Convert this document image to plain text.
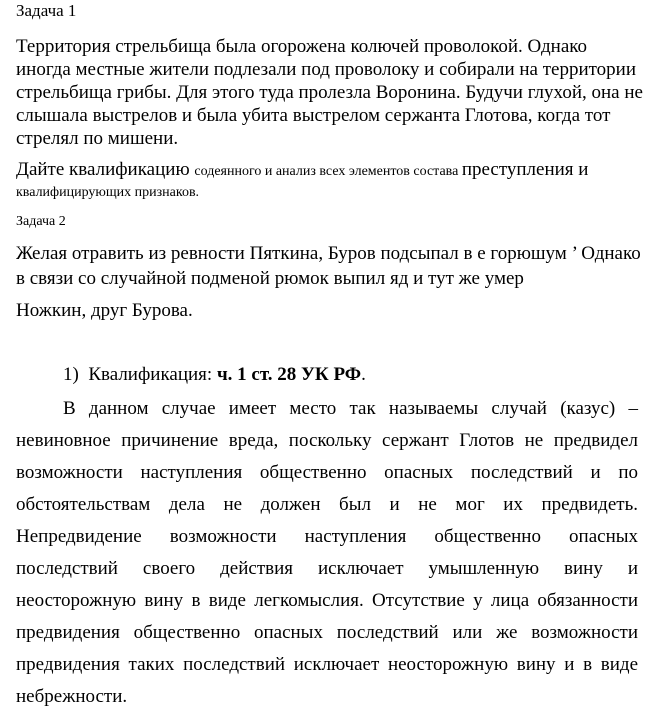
Задача 1
Территория стрельбища была огорожена колючей проволокой. Однако
иногда местные жители подлезали под проволоку и собирали на территории
стрельбища грибы. Для этого туда пролезла Воронина. Будучи глухой, она не
слышала выстрелов и была убита выстрелом сержанта Глотова, когда тот
стрелял по мишени.
Дайте квалификацию содеянного и анализ всех элементов состава преступления и
квалифицирующих признаков.
Задача 2
Желая отравить из ревности Пяткина, Буров подсыпал в е горюшум ’ Однако
в связи со случайной подменой рюмок выпил яд и тут же умер
Ножкин, друг Бурова.
1) Квалификация: ч. 1 ст. 28 УК РФ.
В данном случае имеет место так называемы случай (казус) – невиновное причинение вреда, поскольку сержант Глотов не предвидел возможности наступления общественно опасных последствий и по обстоятельствам дела не должен был и не мог их предвидеть. Непредвидение возможности наступления общественно опасных последствий своего действия исключает умышленную вину и неосторожную вину в виде легкомыслия. Отсутствие у лица обязанности предвидения общественно опасных последствий или же возможности предвидения таких последствий исключает неосторожную вину и в виде небрежности.
